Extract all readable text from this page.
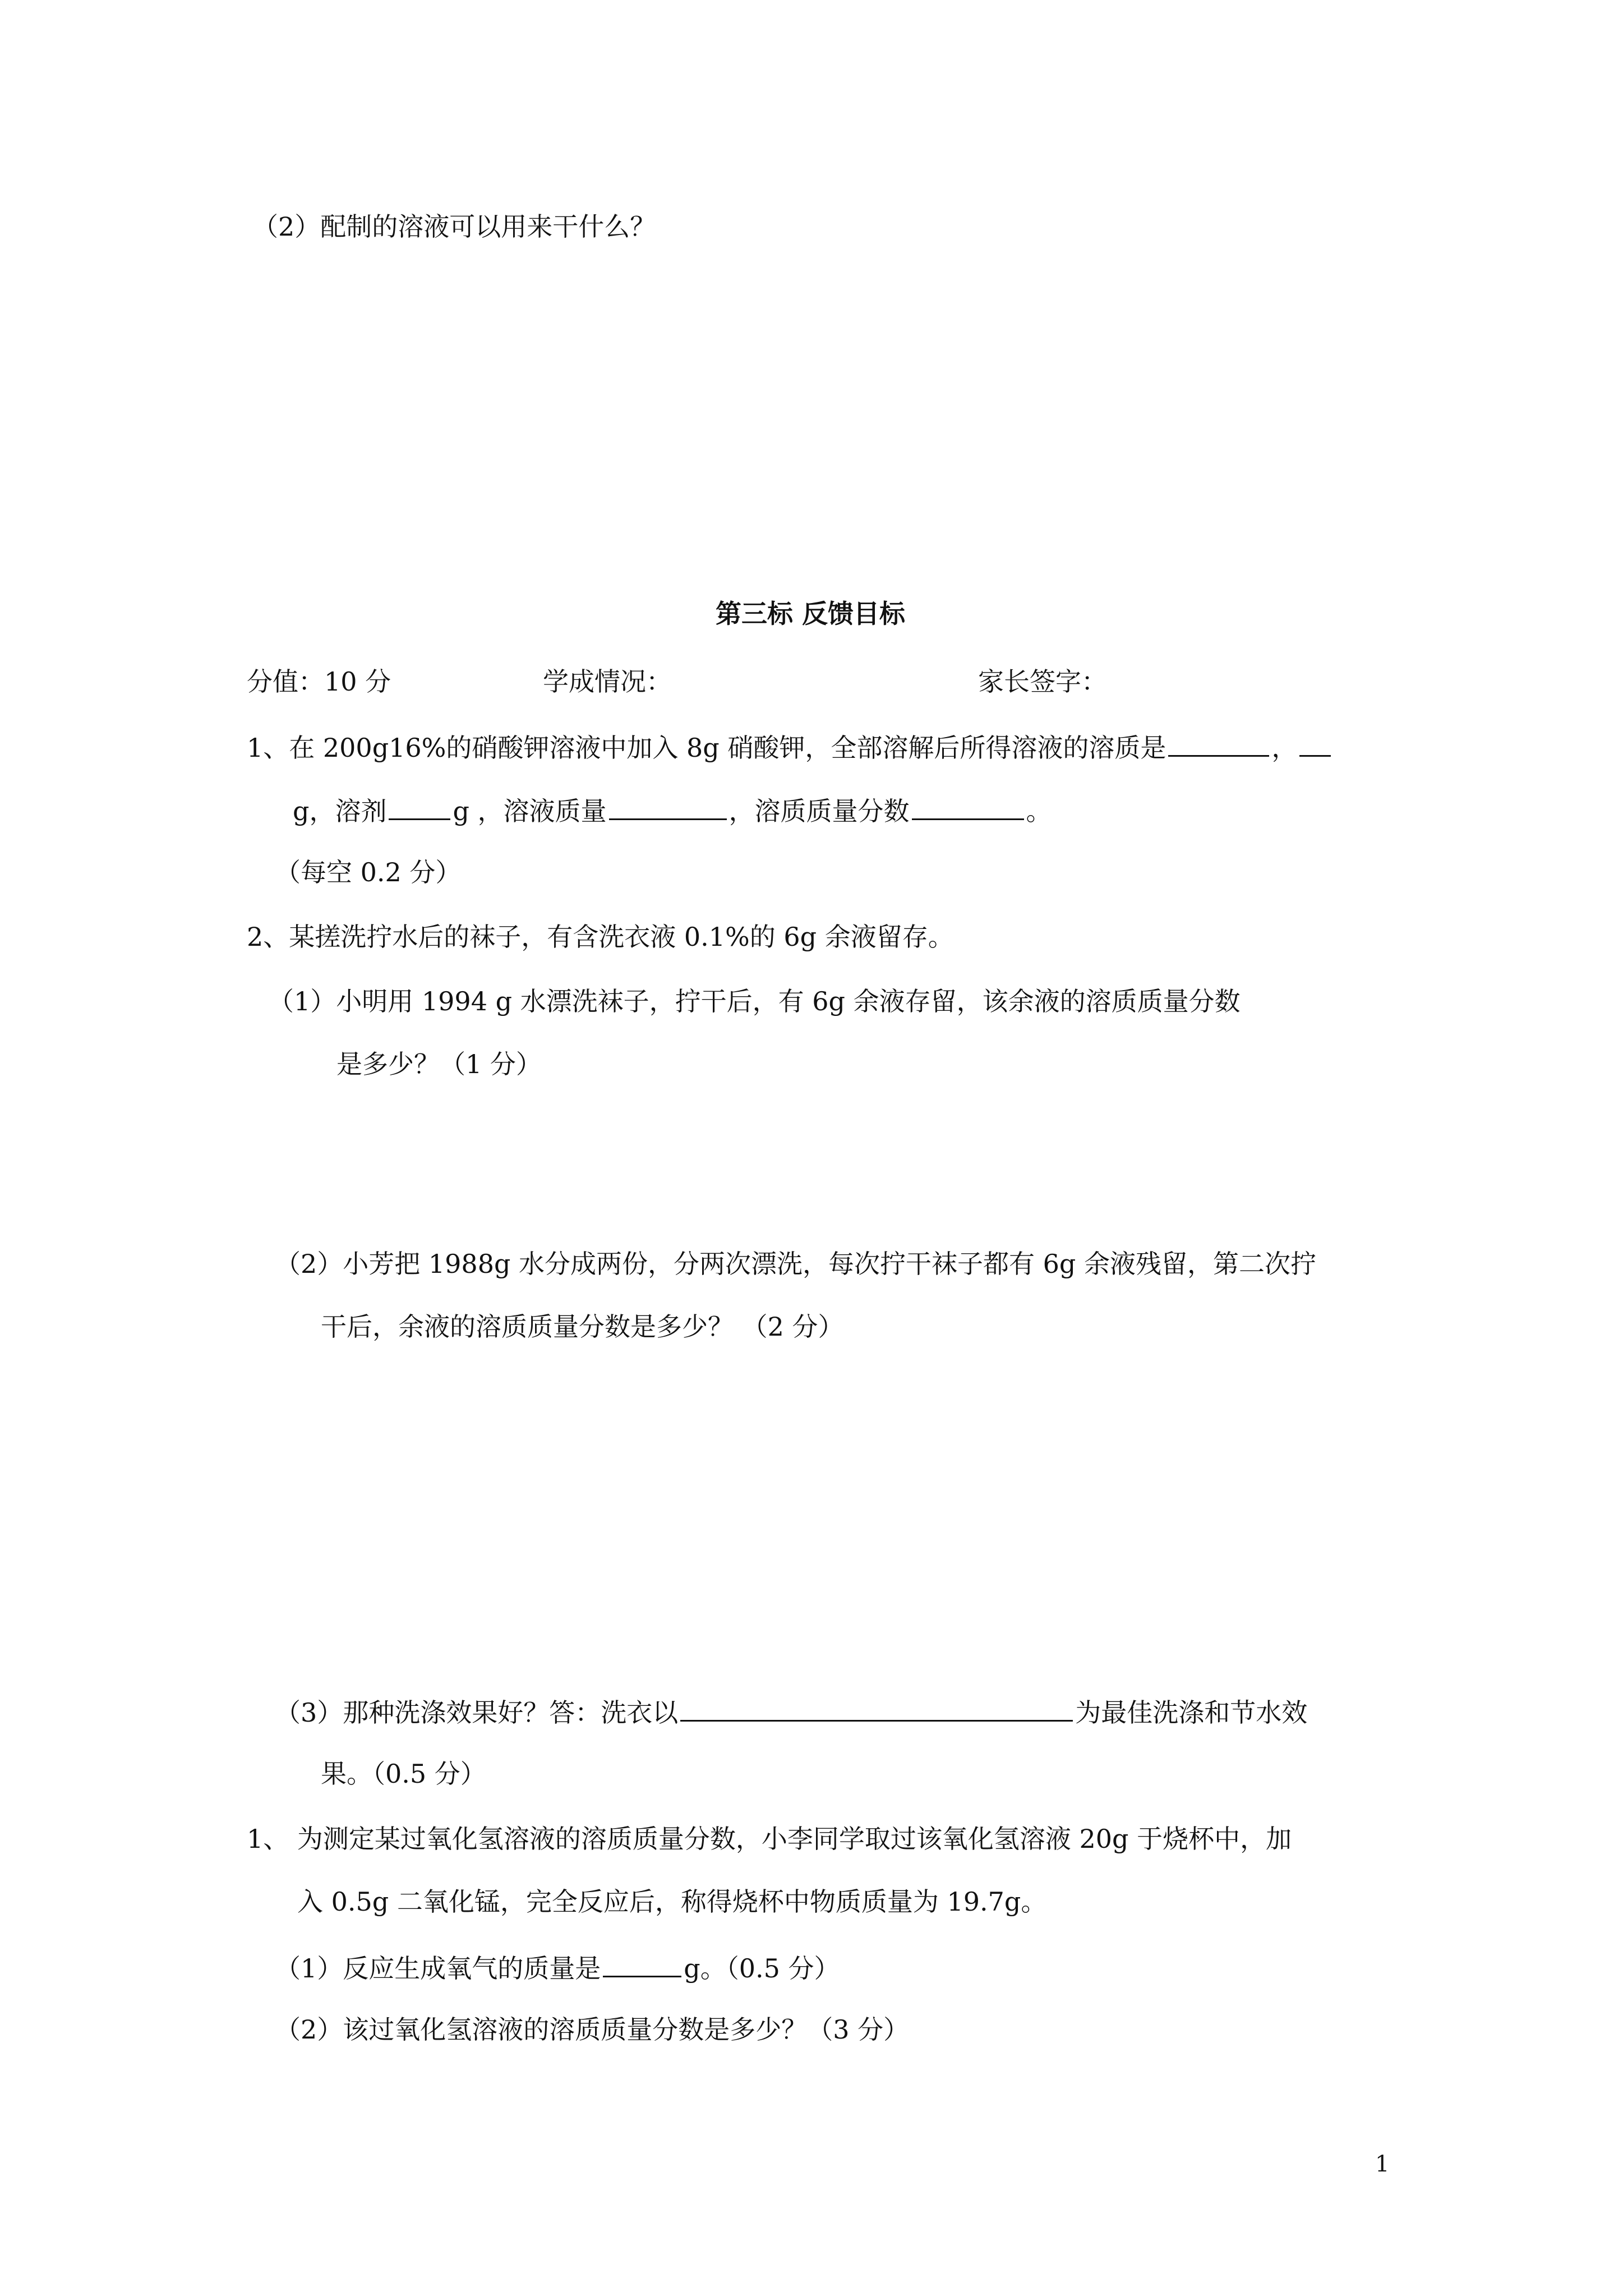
（2）配制的溶液可以用来干什么？
第三标 反馈目标
分值：10 分	学成情况：	家长签字：
1、在 200g16%的硝酸钾溶液中加入 8g 硝酸钾，全部溶解后所得溶液的溶质是	，
g，溶剂	g ，溶液质量	，溶质质量分数	。
（每空 0.2 分）
2、某搓洗拧水后的袜子，有含洗衣液 0.1%的 6g 余液留存。
（1）小明用 1994 g 水漂洗袜子，拧干后，有 6g 余液存留，该余液的溶质质量分数
是多少？（1 分）
（2）小芳把 1988g 水分成两份，分两次漂洗，每次拧干袜子都有 6g 余液残留，第二次拧
干后，余液的溶质质量分数是多少？ （2 分）
（3）那种洗涤效果好？答：洗衣以	为最佳洗涤和节水效
果。（0.5 分）
1、 为测定某过氧化氢溶液的溶质质量分数，小李同学取过该氧化氢溶液 20g 于烧杯中，加
入 0.5g 二氧化锰，完全反应后，称得烧杯中物质质量为 19.7g。
（1）反应生成氧气的质量是	g。（0.5 分）
（2）该过氧化氢溶液的溶质质量分数是多少？（3 分）
1
